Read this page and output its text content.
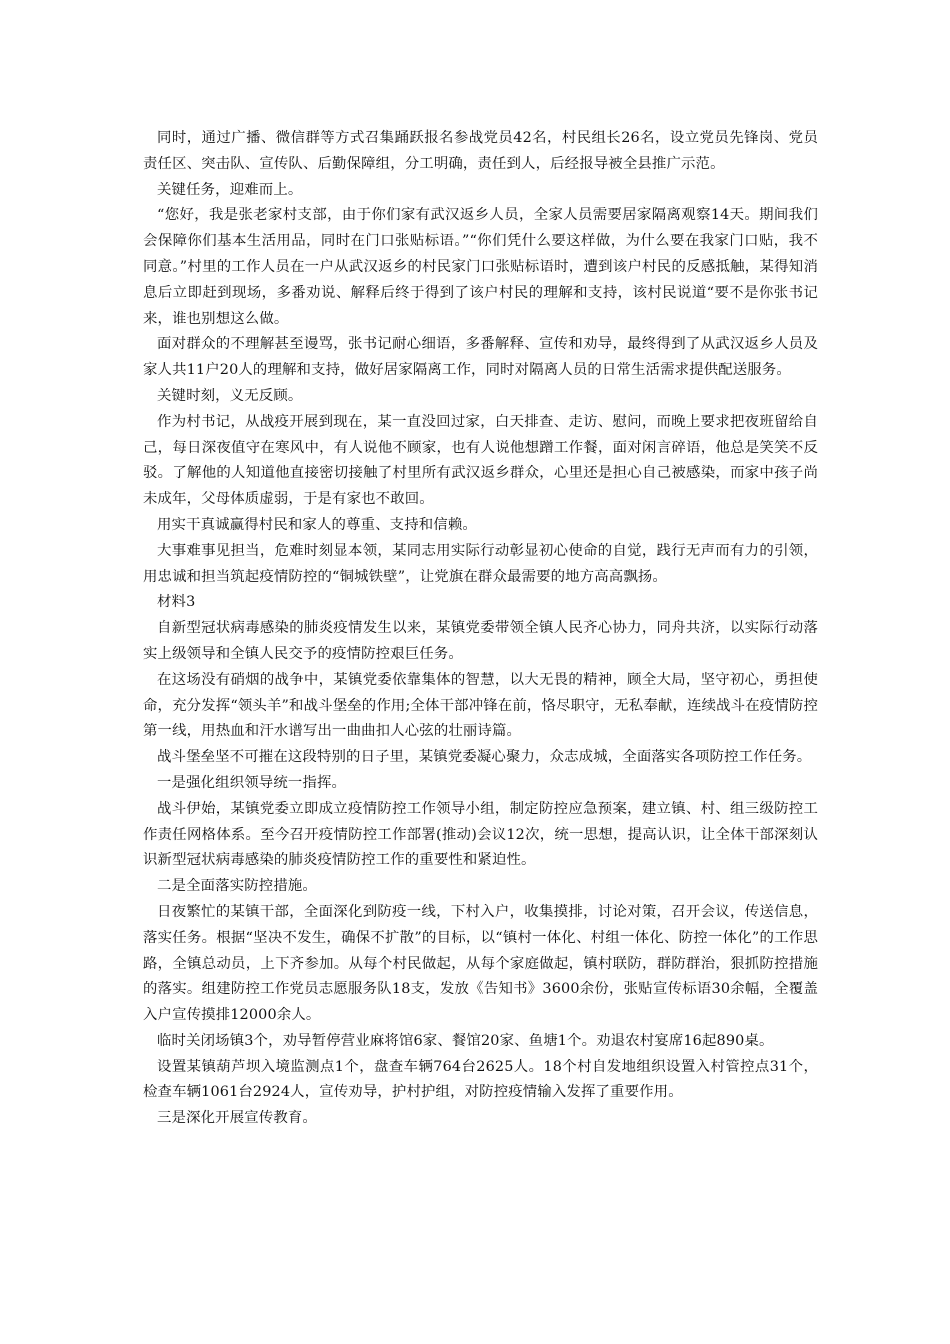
同时，通过广播、微信群等方式召集踊跃报名参战党员42名，村民组长26名，设立党员先锋岗、党员责任区、突击队、宣传队、后勤保障组，分工明确，责任到人，后经报导被全县推广示范。

关键任务，迎难而上。

“您好，我是张老家村支部，由于你们家有武汉返乡人员，全家人员需要居家隔离观察14天。期间我们会保障你们基本生活用品，同时在门口张贴标语。”“你们凭什么要这样做，为什么要在我家门口贴，我不同意。”村里的工作人员在一户从武汉返乡的村民家门口张贴标语时，遭到该户村民的反感抵触，某得知消息后立即赶到现场，多番劝说、解释后终于得到了该户村民的理解和支持，该村民说道“要不是你张书记来，谁也别想这么做。

面对群众的不理解甚至谩骂，张书记耐心细语，多番解释、宣传和劝导，最终得到了从武汉返乡人员及家人共11户20人的理解和支持，做好居家隔离工作，同时对隔离人员的日常生活需求提供配送服务。

关键时刻，义无反顾。

作为村书记，从战疫开展到现在，某一直没回过家，白天排查、走访、慰问，而晚上要求把夜班留给自己，每日深夜值守在寒风中，有人说他不顾家，也有人说他想蹭工作餐，面对闲言碎语，他总是笑笑不反驳。了解他的人知道他直接密切接触了村里所有武汉返乡群众，心里还是担心自己被感染，而家中孩子尚未成年，父母体质虚弱，于是有家也不敢回。

用实干真诚赢得村民和家人的尊重、支持和信赖。

大事难事见担当，危难时刻显本领，某同志用实际行动彰显初心使命的自觉，践行无声而有力的引领，用忠诚和担当筑起疫情防控的“铜城铁壁”，让党旗在群众最需要的地方高高飘扬。

材料3

自新型冠状病毒感染的肺炎疫情发生以来，某镇党委带领全镇人民齐心协力，同舟共济，以实际行动落实上级领导和全镇人民交予的疫情防控艰巨任务。

在这场没有硝烟的战争中，某镇党委依靠集体的智慧，以大无畏的精神，顾全大局，坚守初心，勇担使命，充分发挥“领头羊”和战斗堡垒的作用;全体干部冲锋在前，恪尽职守，无私奉献，连续战斗在疫情防控第一线，用热血和汗水谱写出一曲曲扣人心弦的壮丽诗篇。

战斗堡垒坚不可摧在这段特别的日子里，某镇党委凝心聚力，众志成城，全面落实各项防控工作任务。

一是强化组织领导统一指挥。

战斗伊始，某镇党委立即成立疫情防控工作领导小组，制定防控应急预案，建立镇、村、组三级防控工作责任网格体系。至今召开疫情防控工作部署(推动)会议12次，统一思想，提高认识，让全体干部深刻认识新型冠状病毒感染的肺炎疫情防控工作的重要性和紧迫性。

二是全面落实防控措施。

日夜繁忙的某镇干部，全面深化到防疫一线，下村入户，收集摸排，讨论对策，召开会议，传送信息，落实任务。根据“坚决不发生，确保不扩散”的目标，以“镇村一体化、村组一体化、防控一体化”的工作思路，全镇总动员，上下齐参加。从每个村民做起，从每个家庭做起，镇村联防，群防群治，狠抓防控措施的落实。组建防控工作党员志愿服务队18支，发放《告知书》3600余份，张贴宣传标语30余幅，全覆盖入户宣传摸排12000余人。

临时关闭场镇3个，劝导暂停营业麻将馆6家、餐馆20家、鱼塘1个。劝退农村宴席16起890桌。

设置某镇葫芦坝入境监测点1个，盘查车辆764台2625人。18个村自发地组织设置入村管控点31个，检查车辆1061台2924人，宣传劝导，护村护组，对防控疫情输入发挥了重要作用。

三是深化开展宣传教育。
